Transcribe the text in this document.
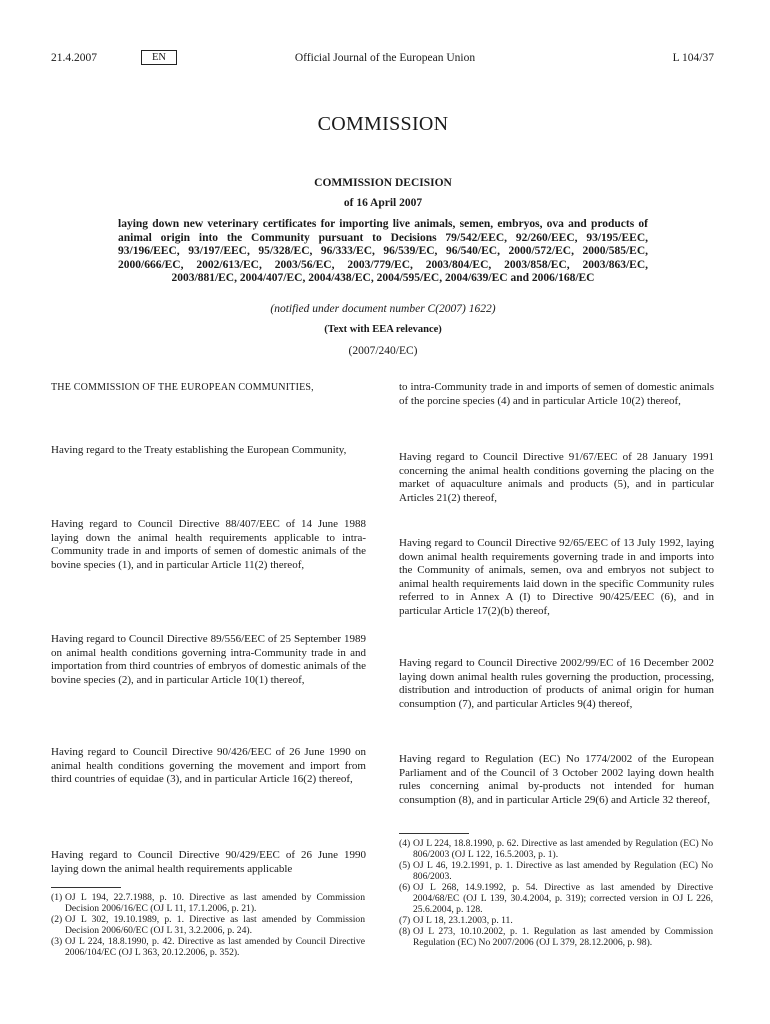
21.4.2007	EN	Official Journal of the European Union	L 104/37
COMMISSION
COMMISSION DECISION
of 16 April 2007
laying down new veterinary certificates for importing live animals, semen, embryos, ova and products of animal origin into the Community pursuant to Decisions 79/542/EEC, 92/260/EEC, 93/195/EEC, 93/196/EEC, 93/197/EEC, 95/328/EC, 96/333/EC, 96/539/EC, 96/540/EC, 2000/572/EC, 2000/585/EC, 2000/666/EC, 2002/613/EC, 2003/56/EC, 2003/779/EC, 2003/804/EC, 2003/858/EC, 2003/863/EC, 2003/881/EC, 2004/407/EC, 2004/438/EC, 2004/595/EC, 2004/639/EC and 2006/168/EC
(notified under document number C(2007) 1622)
(Text with EEA relevance)
(2007/240/EC)
THE COMMISSION OF THE EUROPEAN COMMUNITIES,
Having regard to the Treaty establishing the European Community,
Having regard to Council Directive 88/407/EEC of 14 June 1988 laying down the animal health requirements applicable to intra-Community trade in and imports of semen of domestic animals of the bovine species (1), and in particular Article 11(2) thereof,
Having regard to Council Directive 89/556/EEC of 25 September 1989 on animal health conditions governing intra-Community trade in and importation from third countries of embryos of domestic animals of the bovine species (2), and in particular Article 10(1) thereof,
Having regard to Council Directive 90/426/EEC of 26 June 1990 on animal health conditions governing the movement and import from third countries of equidae (3), and in particular Article 16(2) thereof,
Having regard to Council Directive 90/429/EEC of 26 June 1990 laying down the animal health requirements applicable
(1) OJ L 194, 22.7.1988, p. 10. Directive as last amended by Commission Decision 2006/16/EC (OJ L 11, 17.1.2006, p. 21).
(2) OJ L 302, 19.10.1989, p. 1. Directive as last amended by Commission Decision 2006/60/EC (OJ L 31, 3.2.2006, p. 24).
(3) OJ L 224, 18.8.1990, p. 42. Directive as last amended by Council Directive 2006/104/EC (OJ L 363, 20.12.2006, p. 352).
to intra-Community trade in and imports of semen of domestic animals of the porcine species (4) and in particular Article 10(2) thereof,
Having regard to Council Directive 91/67/EEC of 28 January 1991 concerning the animal health conditions governing the placing on the market of aquaculture animals and products (5), and in particular Articles 21(2) thereof,
Having regard to Council Directive 92/65/EEC of 13 July 1992, laying down animal health requirements governing trade in and imports into the Community of animals, semen, ova and embryos not subject to animal health requirements laid down in the specific Community rules referred to in Annex A (I) to Directive 90/425/EEC (6), and in particular Article 17(2)(b) thereof,
Having regard to Council Directive 2002/99/EC of 16 December 2002 laying down animal health rules governing the production, processing, distribution and introduction of products of animal origin for human consumption (7), and particular Articles 9(4) thereof,
Having regard to Regulation (EC) No 1774/2002 of the European Parliament and of the Council of 3 October 2002 laying down health rules concerning animal by-products not intended for human consumption (8), and in particular Article 29(6) and Article 32 thereof,
(4) OJ L 224, 18.8.1990, p. 62. Directive as last amended by Regulation (EC) No 806/2003 (OJ L 122, 16.5.2003, p. 1).
(5) OJ L 46, 19.2.1991, p. 1. Directive as last amended by Regulation (EC) No 806/2003.
(6) OJ L 268, 14.9.1992, p. 54. Directive as last amended by Directive 2004/68/EC (OJ L 139, 30.4.2004, p. 319); corrected version in OJ L 226, 25.6.2004, p. 128.
(7) OJ L 18, 23.1.2003, p. 11.
(8) OJ L 273, 10.10.2002, p. 1. Regulation as last amended by Commission Regulation (EC) No 2007/2006 (OJ L 379, 28.12.2006, p. 98).
